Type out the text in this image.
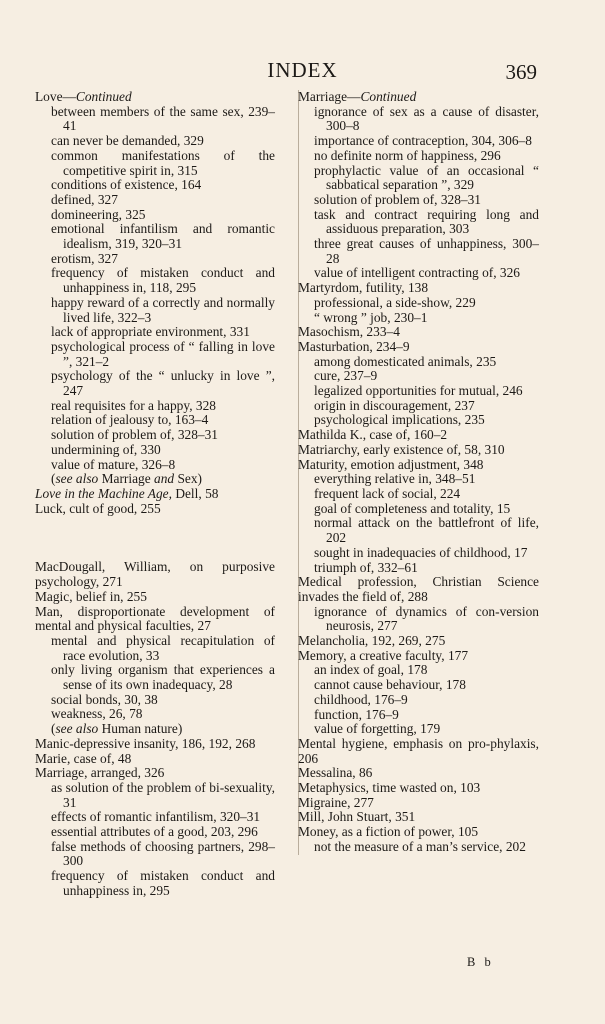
INDEX	369

Love—Continued

between members of the same sex, 239–41

can never be demanded, 329

common manifestations of the competitive spirit in, 315

conditions of existence, 164

defined, 327

domineering, 325

emotional infantilism and romantic idealism, 319, 320–31

erotism, 327

frequency of mistaken conduct and unhappiness in, 118, 295

happy reward of a correctly and normally lived life, 322–3

lack of appropriate environment, 331

psychological process of “ falling in love ”, 321–2

psychology of the “ unlucky in love ”, 247

real requisites for a happy, 328

relation of jealousy to, 163–4

solution of problem of, 328–31

undermining of, 330

value of mature, 326–8

(see also Marriage and Sex)

Love in the Machine Age, Dell, 58

Luck, cult of good, 255

MacDougall, William, on purposive psychology, 271

Magic, belief in, 255

Man, disproportionate development of mental and physical faculties, 27

mental and physical recapitulation of race evolution, 33

only living organism that experiences a sense of its own inadequacy, 28

social bonds, 30, 38

weakness, 26, 78

(see also Human nature)

Manic-depressive insanity, 186, 192, 268

Marie, case of, 48

Marriage, arranged, 326

as solution of the problem of bi-sexuality, 31

effects of romantic infantilism, 320–31

essential attributes of a good, 203, 296

false methods of choosing partners, 298–300

frequency of mistaken conduct and unhappiness in, 295

Marriage—Continued

ignorance of sex as a cause of disaster, 300–8

importance of contraception, 304, 306–8

no definite norm of happiness, 296

prophylactic value of an occasional “ sabbatical separation ”, 329

solution of problem of, 328–31

task and contract requiring long and assiduous preparation, 303

three great causes of unhappiness, 300–28

value of intelligent contracting of, 326

Martyrdom, futility, 138

professional, a side-show, 229

“ wrong ” job, 230–1

Masochism, 233–4

Masturbation, 234–9

among domesticated animals, 235

cure, 237–9

legalized opportunities for mutual, 246

origin in discouragement, 237

psychological implications, 235

Mathilda K., case of, 160–2

Matriarchy, early existence of, 58, 310

Maturity, emotion adjustment, 348

everything relative in, 348–51

frequent lack of social, 224

goal of completeness and totality, 15

normal attack on the battlefront of life, 202

sought in inadequacies of childhood, 17

triumph of, 332–61

Medical profession, Christian Science invades the field of, 288

ignorance of dynamics of con-version neurosis, 277

Melancholia, 192, 269, 275

Memory, a creative faculty, 177

an index of goal, 178

cannot cause behaviour, 178

childhood, 176–9

function, 176–9

value of forgetting, 179

Mental hygiene, emphasis on pro-phylaxis, 206

Messalina, 86

Metaphysics, time wasted on, 103

Migraine, 277

Mill, John Stuart, 351

Money, as a fiction of power, 105

not the measure of a man’s service, 202

B b
